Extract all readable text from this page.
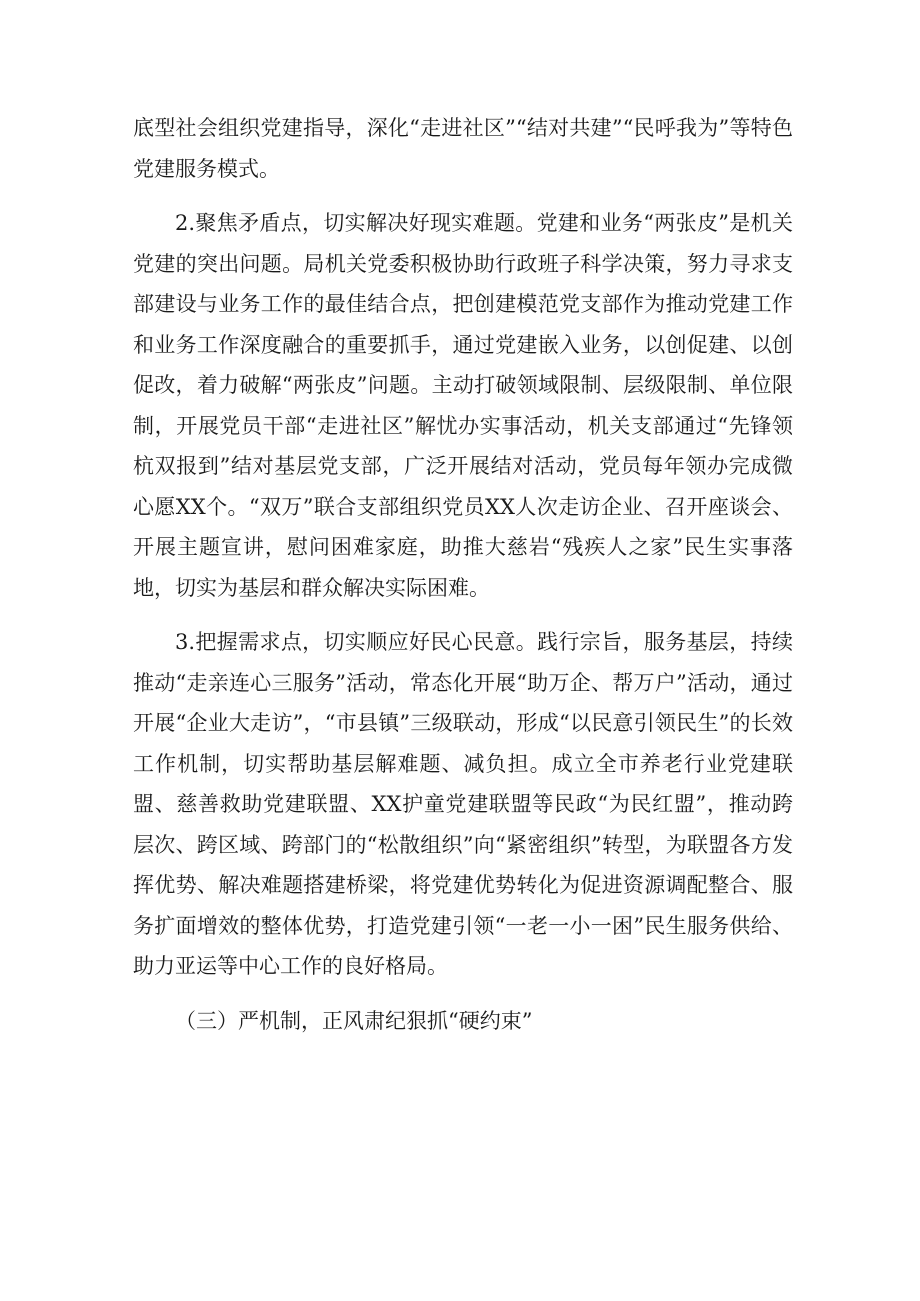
底型社会组织党建指导，深化“走进社区”“结对共建”“民呼我为”等特色党建服务模式。

2.聚焦矛盾点，切实解决好现实难题。党建和业务“两张皮”是机关党建的突出问题。局机关党委积极协助行政班子科学决策，努力寻求支部建设与业务工作的最佳结合点，把创建模范党支部作为推动党建工作和业务工作深度融合的重要抓手，通过党建嵌入业务，以创促建、以创促改，着力破解“两张皮”问题。主动打破领域限制、层级限制、单位限制，开展党员干部“走进社区”解忧办实事活动，机关支部通过“先锋领杭双报到”结对基层党支部，广泛开展结对活动，党员每年领办完成微心愿XX个。“双万”联合支部组织党员XX人次走访企业、召开座谈会、开展主题宣讲，慰问困难家庭，助推大慈岩“残疾人之家”民生实事落地，切实为基层和群众解决实际困难。

3.把握需求点，切实顺应好民心民意。践行宗旨，服务基层，持续推动“走亲连心三服务”活动，常态化开展“助万企、帮万户”活动，通过开展“企业大走访”，“市县镇”三级联动，形成“以民意引领民生”的长效工作机制，切实帮助基层解难题、减负担。成立全市养老行业党建联盟、慈善救助党建联盟、XX护童党建联盟等民政“为民红盟”，推动跨层次、跨区域、跨部门的“松散组织”向“紧密组织”转型，为联盟各方发挥优势、解决难题搭建桥梁，将党建优势转化为促进资源调配整合、服务扩面增效的整体优势，打造党建引领“一老一小一困”民生服务供给、助力亚运等中心工作的良好格局。

（三）严机制，正风肃纪狠抓“硬约束”
